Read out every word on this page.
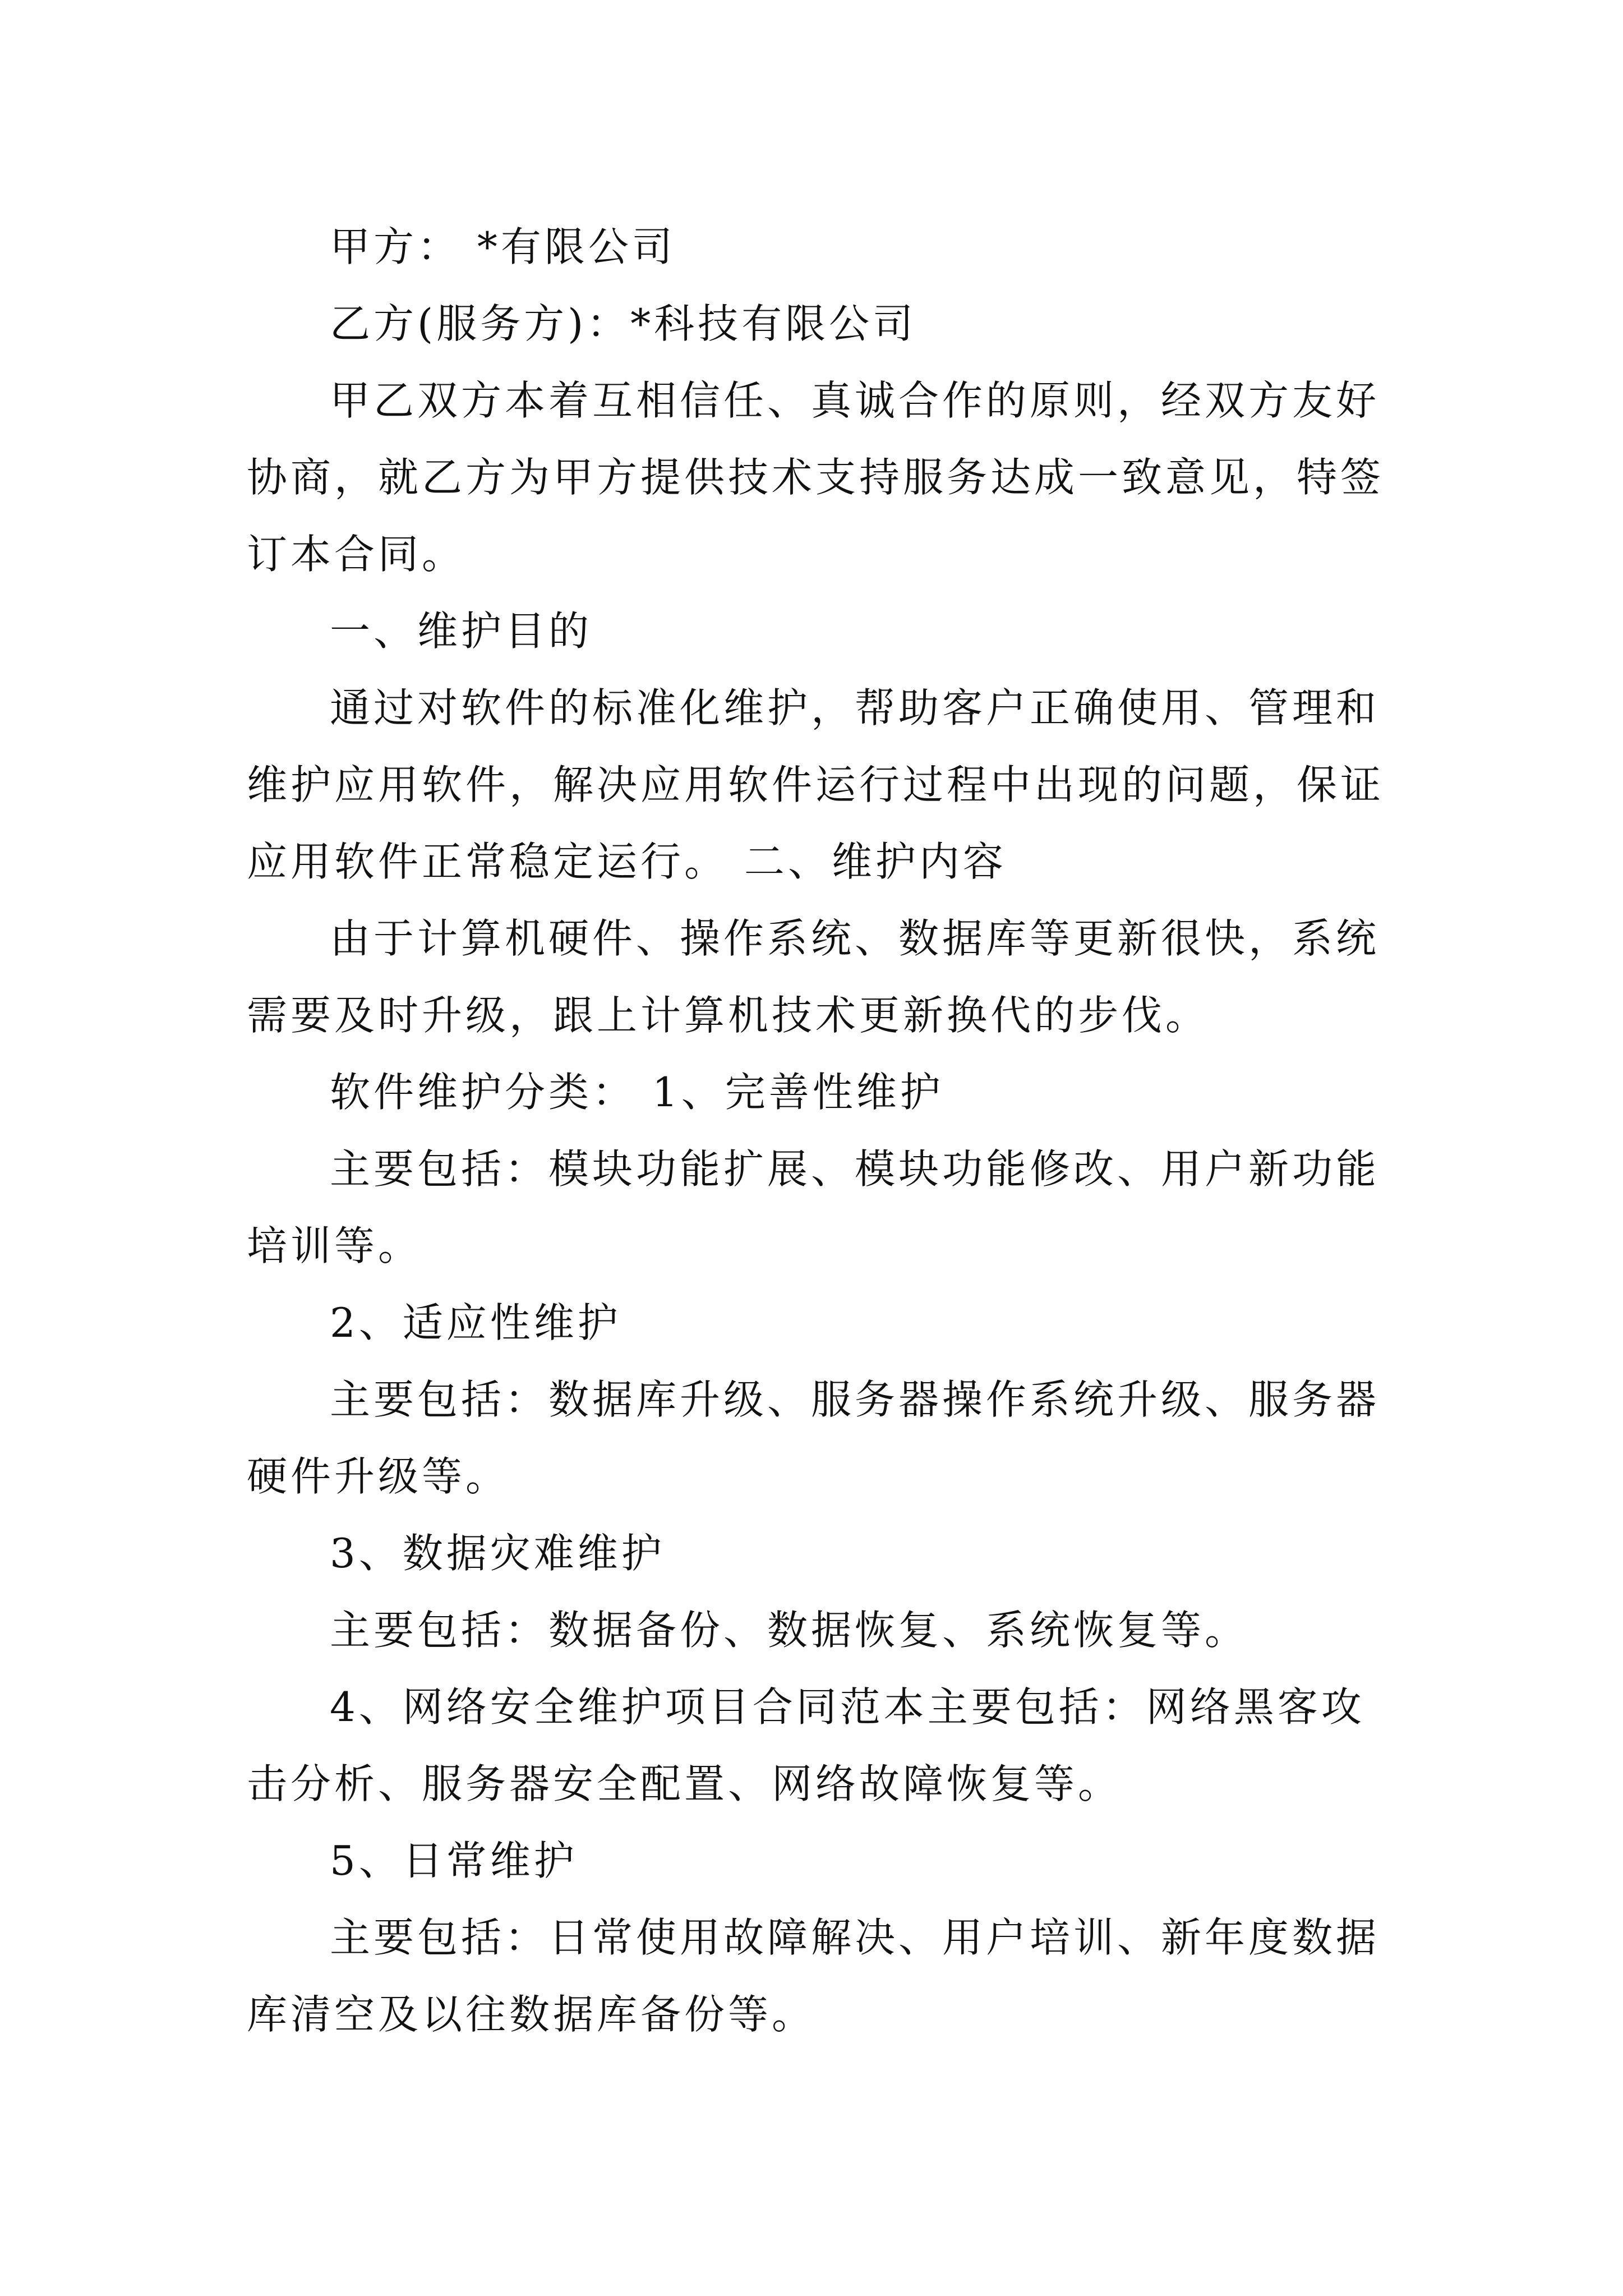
甲方： *有限公司

乙方(服务方)：*科技有限公司

甲乙双方本着互相信任、真诚合作的原则，经双方友好协商，就乙方为甲方提供技术支持服务达成一致意见，特签订本合同。

一、维护目的

通过对软件的标准化维护，帮助客户正确使用、管理和维护应用软件，解决应用软件运行过程中出现的问题，保证应用软件正常稳定运行。 二、维护内容

由于计算机硬件、操作系统、数据库等更新很快，系统需要及时升级，跟上计算机技术更新换代的步伐。

软件维护分类： 1、完善性维护

主要包括：模块功能扩展、模块功能修改、用户新功能培训等。

2、适应性维护

主要包括：数据库升级、服务器操作系统升级、服务器硬件升级等。

3、数据灾难维护

主要包括：数据备份、数据恢复、系统恢复等。

4、网络安全维护项目合同范本主要包括：网络黑客攻击分析、服务器安全配置、网络故障恢复等。

5、日常维护

主要包括：日常使用故障解决、用户培训、新年度数据库清空及以往数据库备份等。
